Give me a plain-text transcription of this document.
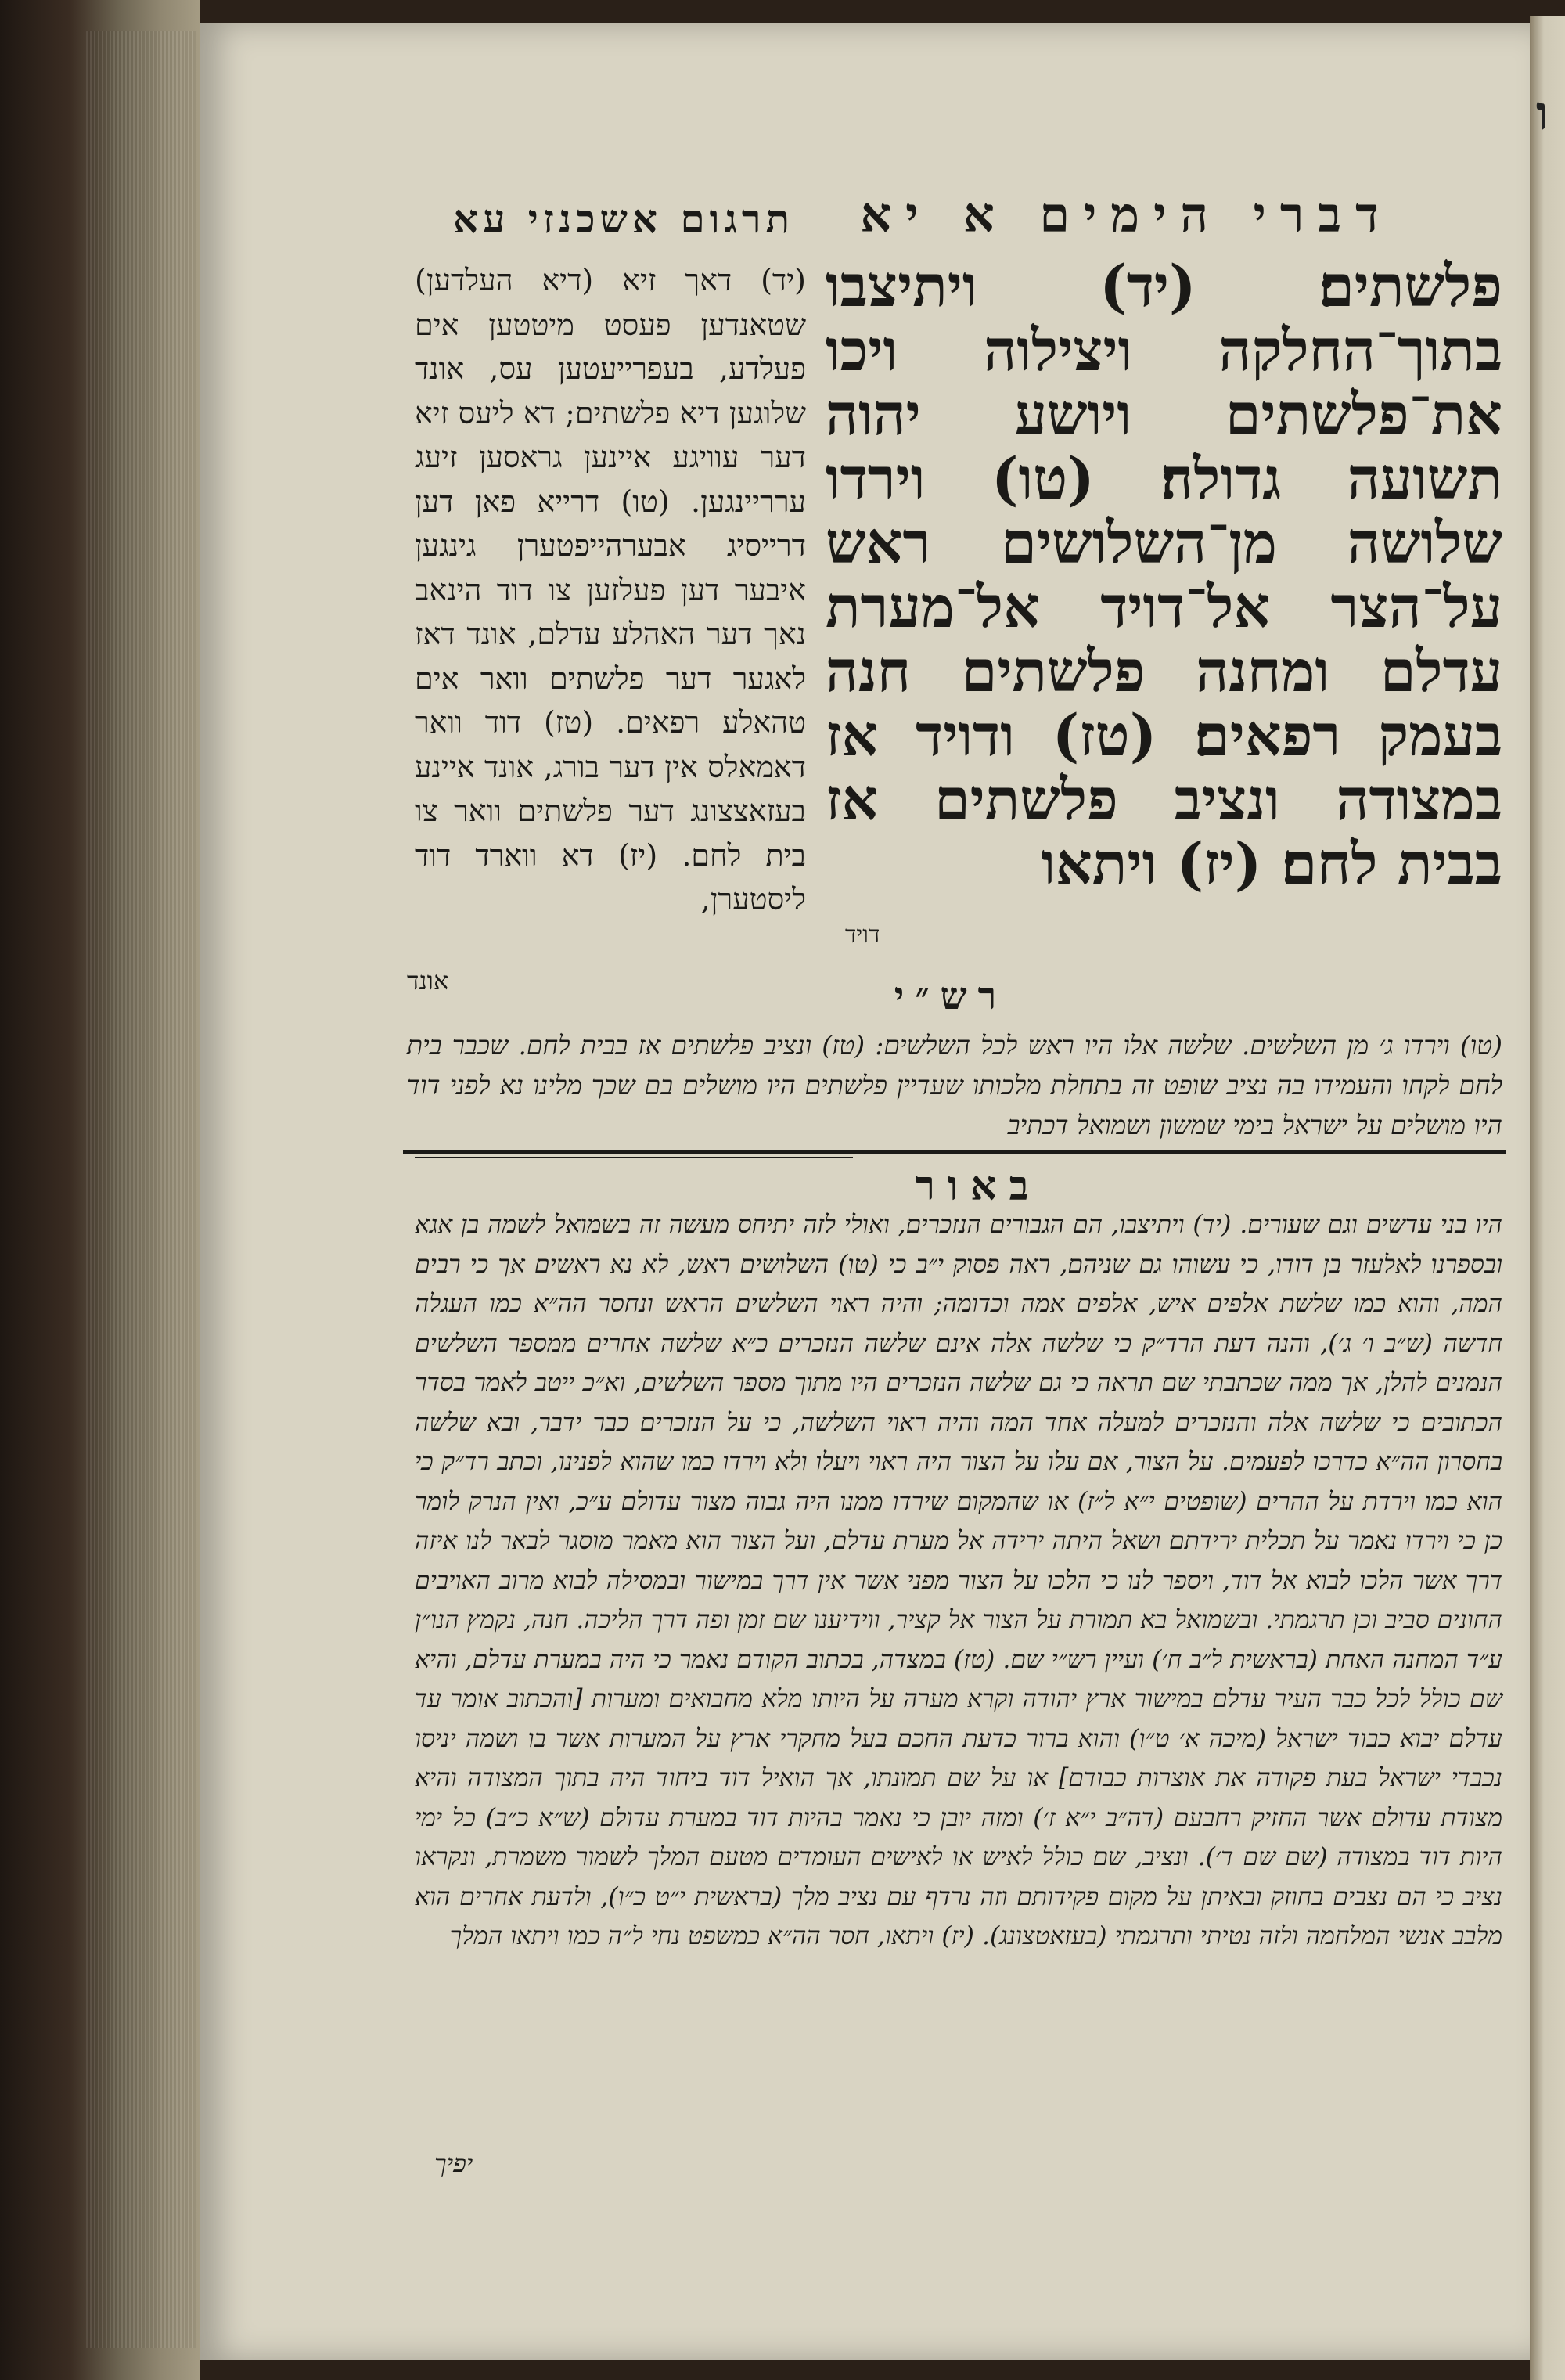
ו
דברי הימים א יא
תרגום אשכנזי עא
פלשתים׃ (יד) ויתיצבו בתוך־החלקה ויצילוה ויכו את־פלשתים ויושע יהוה תשועה גדולה׃ (טו) וירדו שלושה מן־השלושים ראש על־הצר אל־דויד אל־מערת עדלם ומחנה פלשתים חנה בעמק רפאים׃ (טז) ודויד אז במצודה ונציב פלשתים אז בבית לחם׃ (יז) ויתאו
דויד
(יד) דאך זיא (דיא העלדען) שטאנדען פעסט מיטטען אים פעלדע, בעפרייעטען עס, אונד שלוגען דיא פלשתים; דא ליעס זיא דער עוויגע איינען גראסען זיעג ערריינגען. (טו) דרייא פאן דען דרייסיג אבערהייפטערן גינגען איבער דען פעלזען צו דוד הינאב נאך דער האהלע עדלם, אונד דאז לאגער דער פלשתים וואר אים טהאלע רפאים. (טז) דוד וואר דאמאלס אין דער בורג, אונד איינע בעזאצצונג דער פלשתים וואר צו בית לחם. (יז) דא ווארד דוד ליסטערן,
אונד	רש״י
(טו) וירדו ג׳ מן השלשים. שלשה אלו היו ראש לכל השלשים: (טז) ונציב פלשתים אז בבית לחם. שכבר בית לחם לקחו והעמידו בה נציב שופט זה בתחלת מלכותו שעדיין פלשתים היו מושלים בם שכך מלינו נא לפני דוד היו מושלים על ישראל בימי שמשון ושמואל דכתיב
באור
היו בני עדשים וגם שעורים. (יד) ויתיצבו, הם הגבורים הנזכרים, ואולי לזה יתיחס מעשה זה בשמואל לשמה בן אגא ובספרנו לאלעזר בן דודו, כי עשוהו גם שניהם, ראה פסוק י״ב כי (טו) השלושים ראש, לא נא ראשים אך כי רבים המה, והוא כמו שלשת אלפים איש, אלפים אמה וכדומה; והיה ראוי השלשים הראש ונחסר הה״א כמו העגלה חדשה (ש״ב ו׳ ג׳), והנה דעת הרד״ק כי שלשה אלה אינם שלשה הנזכרים כ״א שלשה אחרים ממספר השלשים הנמנים להלן, אך ממה שכתבתי שם תראה כי גם שלשה הנזכרים היו מתוך מספר השלשים, וא״כ ייטב לאמר בסדר הכתובים כי שלשה אלה והנזכרים למעלה אחד המה והיה ראוי השלשה, כי על הנזכרים כבר ידבר, ובא שלשה בחסרון הה״א כדרכו לפעמים. על הצור, אם עלו על הצור היה ראוי ויעלו ולא וירדו כמו שהוא לפנינו, וכתב רד״ק כי הוא כמו וירדת על ההרים (שופטים י״א ל״ז) או שהמקום שירדו ממנו היה גבוה מצור עדולם ע״כ, ואין הנרק לומר כן כי וירדו נאמר על תכלית ירידתם ושאל היתה ירידה אל מערת עדלם, ועל הצור הוא מאמר מוסגר לבאר לנו איזה דרך אשר הלכו לבוא אל דוד, ויספר לנו כי הלכו על הצור מפני אשר אין דרך במישור ובמסילה לבוא מרוב האויבים החונים סביב וכן תרגמתי. ובשמואל בא תמורת על הצור אל קציר, ווידיענו שם זמן ופה דרך הליכה. חנה, נקמץ הנו״ן ע״ד המחנה האחת (בראשית ל״ב ח׳) ועיין רש״י שם. (טז) במצדה, בכתוב הקודם נאמר כי היה במערת עדלם, והיא שם כולל לכל כבר העיר עדלם במישור ארץ יהודה וקרא מערה על היותו מלא מחבואים ומערות [והכתוב אומר עד עדלם יבוא כבוד ישראל (מיכה א׳ ט״ו) והוא ברור כדעת החכם בעל מחקרי ארץ על המערות אשר בו ושמה יניסו נכבדי ישראל בעת פקודה את אוצרות כבודם] או על שם תמונתו, אך הואיל דוד ביחוד היה בתוך המצודה והיא מצודת עדולם אשר החזיק רחבעם (דה״ב י״א ז׳) ומזה יובן כי נאמר בהיות דוד במערת עדולם (ש״א כ״ב) כל ימי היות דוד במצודה (שם שם ד׳). ונציב, שם כולל לאיש או לאישים העומדים מטעם המלך לשמור משמרת, ונקראו נציב כי הם נצבים בחוזק ובאיתן על מקום פקידותם וזה נרדף עם נציב מלך (בראשית י״ט כ״ו), ולדעת אחרים הוא מלבב אנשי המלחמה ולזה נטיתי ותרגמתי (בעזאטצונג). (יז) ויתאו, חסר הה״א כמשפט נחי ל״ה כמו ויתאו המלך
יפיך
